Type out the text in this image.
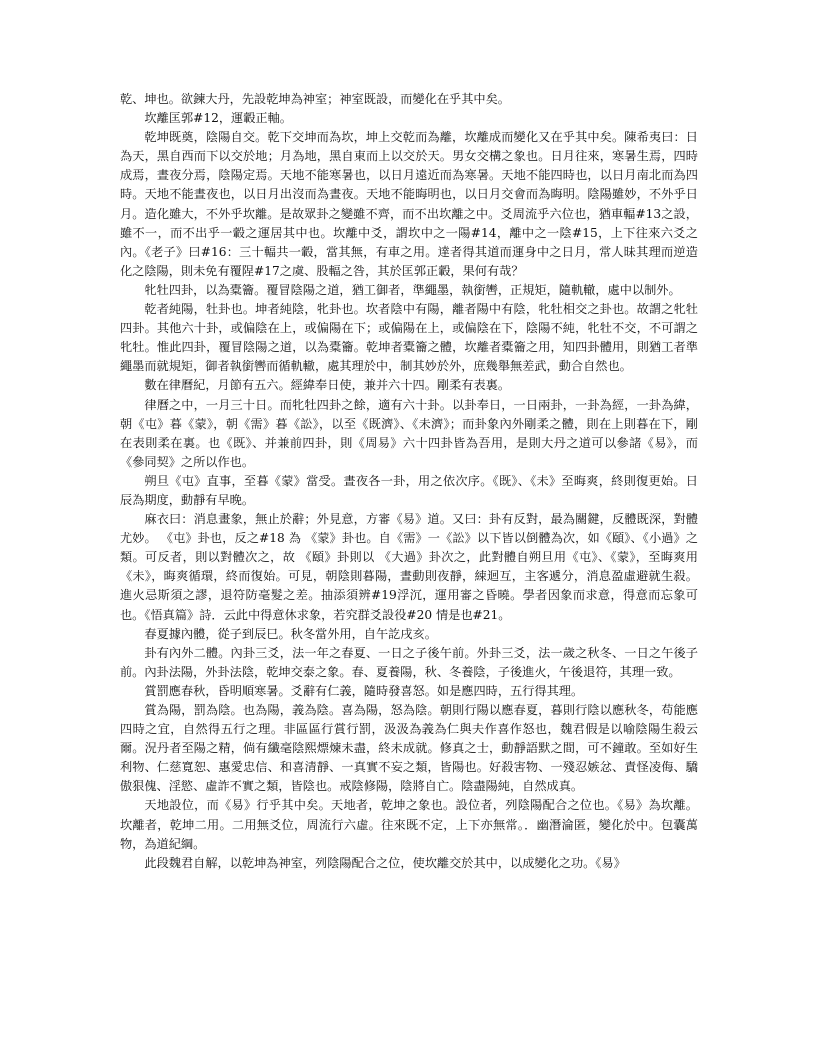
乾、坤也。欲鍊大丹，先設乾坤為神室；神室既設，而變化在乎其中矣。

坎離匡郭#12，運轂正軸。

乾坤既奠，陰陽自交。乾下交坤而為坎，坤上交乾而為離，坎離成而變化又在乎其中矣。陳希夷曰：日為天，黑自西而下以交於地；月為地，黑自東而上以交於天。男女交構之象也。日月往來，寒暑生焉，四時成焉，晝夜分焉，陰陽定焉。天地不能寒暑也，以日月遠近而為寒暑。天地不能四時也，以日月南北而為四時。天地不能晝夜也，以日月出沒而為晝夜。天地不能晦明也，以日月交會而為晦明。陰陽雖妙，不外乎日月。造化雖大，不外乎坎離。是故眾卦之變雖不齊，而不出坎離之中。爻周流乎六位也，猶車輻#13之設，雖不一，而不出乎一轂之運居其中也。坎離中爻，謂坎中之一陽#14，離中之一陰#15，上下往來六爻之內。《老子》曰#16：三十輻共一轂，當其無，有車之用。達者得其道而運身中之日月，常人昧其理而逆造化之陰陽，則未免有覆陧#17之虞、股輻之咎，其於匡郭正轂，果何有哉？

牝牡四卦，以為橐籥。覆冒陰陽之道，猶工御者，準繩墨，執銜轡，正規矩，隨軌轍，處中以制外。

乾者純陽，牡卦也。坤者純陰，牝卦也。坎者陰中有陽，離者陽中有陰，牝牡相交之卦也。故謂之牝牡四卦。其他六十卦，或偏陰在上，或偏陽在下；或偏陽在上，或偏陰在下，陰陽不純，牝牡不交，不可謂之牝牡。惟此四卦，覆冒陰陽之道，以為橐籥。乾坤者橐籥之體，坎離者橐籥之用，知四卦體用，則猶工者準繩墨而就規矩，御者執銜轡而循軌轍，處其理於中，制其妙於外，庶幾舉無差武，動合自然也。

數在律曆紀，月節有五六。經緯奉日使，兼并六十四。剛柔有表裏。

律曆之中，一月三十日。而牝牡四卦之餘，適有六十卦。以卦奉日，一日兩卦，一卦為經，一卦為緯，朝《屯》暮《蒙》，朝《需》暮《訟》，以至《既濟》、《未濟》；而卦象內外剛柔之體，則在上則暮在下，剛在表則柔在裏。也《既》、并兼前四卦，則《周易》六十四卦皆為吾用，是則大丹之道可以參諸《易》，而《參同契》之所以作也。

朔旦《屯》直事，至暮《蒙》當受。晝夜各一卦，用之依次序。《既》、《未》至晦爽，終則復更始。日辰為期度，動靜有早晚。

麻衣曰：消息畫象，無止於辭；外見意，方審《易》道。又曰：卦有反對，最為關鍵，反體既深，對體尤妙。 《屯》卦也，反之#18 為 《蒙》卦也。自《需》一《訟》以下皆以倒體為次，如《頤》、《小過》之類。可反者，則以對體次之，故 《頤》卦則以 《大過》卦次之，此對體自朔旦用《屯》、《蒙》，至晦爽用《未》，晦爽循環，終而復始。可見，朝陰則暮陽，晝動則夜靜，綀迴互，主客遞分，消息盈虛避就生殺。進火忌斯須之謬，退符防毫髮之差。抽添須辨#19浮沉，運用審之昏曉。學者因象而求意，得意而忘象可也。《悟真篇》詩．云此中得意休求象，若究群爻設役#20 情是也#21。

春夏據內體，從子到辰巳。秋冬當外用，自午訖戌亥。

卦有內外二體。內卦三爻，法一年之春夏、一日之子後午前。外卦三爻，法一歲之秋冬、一日之午後子前。內卦法陽，外卦法陰，乾坤交泰之象。春、夏養陽，秋、冬養陰，子後進火，午後退符，其理一致。

賞罰應春秋，昏明順寒暑。爻辭有仁義，隨時發喜怒。如是應四時，五行得其理。

賞為陽，罰為陰。也為陽，義為陰。喜為陽，怒為陰。朝則行陽以應春夏，暮則行陰以應秋冬，苟能應四時之宜，自然得五行之理。非區區行賞行罰，汲汲為義為仁與夫作喜作怒也，魏君假是以喻陰陽生殺云爾。況丹者至陽之精，倘有纖毫陰熙熛煉未盡，終未成就。修真之士，動靜語默之間，可不鐘敢。至如好生利物、仁慈寬恕、惠愛忠信、和喜清靜、一真實不妄之類，皆陽也。好殺害物、一殘忍嫉忿、責怪凌侮、驕傲狠傀、淫慾、虛詐不實之類，皆陰也。戒陰修陽，陰將自亡。陰盡陽純，自然成真。

天地設位，而《易》行乎其中矣。天地者，乾坤之象也。設位者，列陰陽配合之位也。《易》為坎離。坎離者，乾坤二用。二用無爻位，周流行六虛。往來既不定，上下亦無常。．幽潛淪匿，變化於中。包囊萬物，為道紀綱。

此段魏君自解，以乾坤為神室，列陰陽配合之位，使坎離交於其中，以成變化之功。《易》
